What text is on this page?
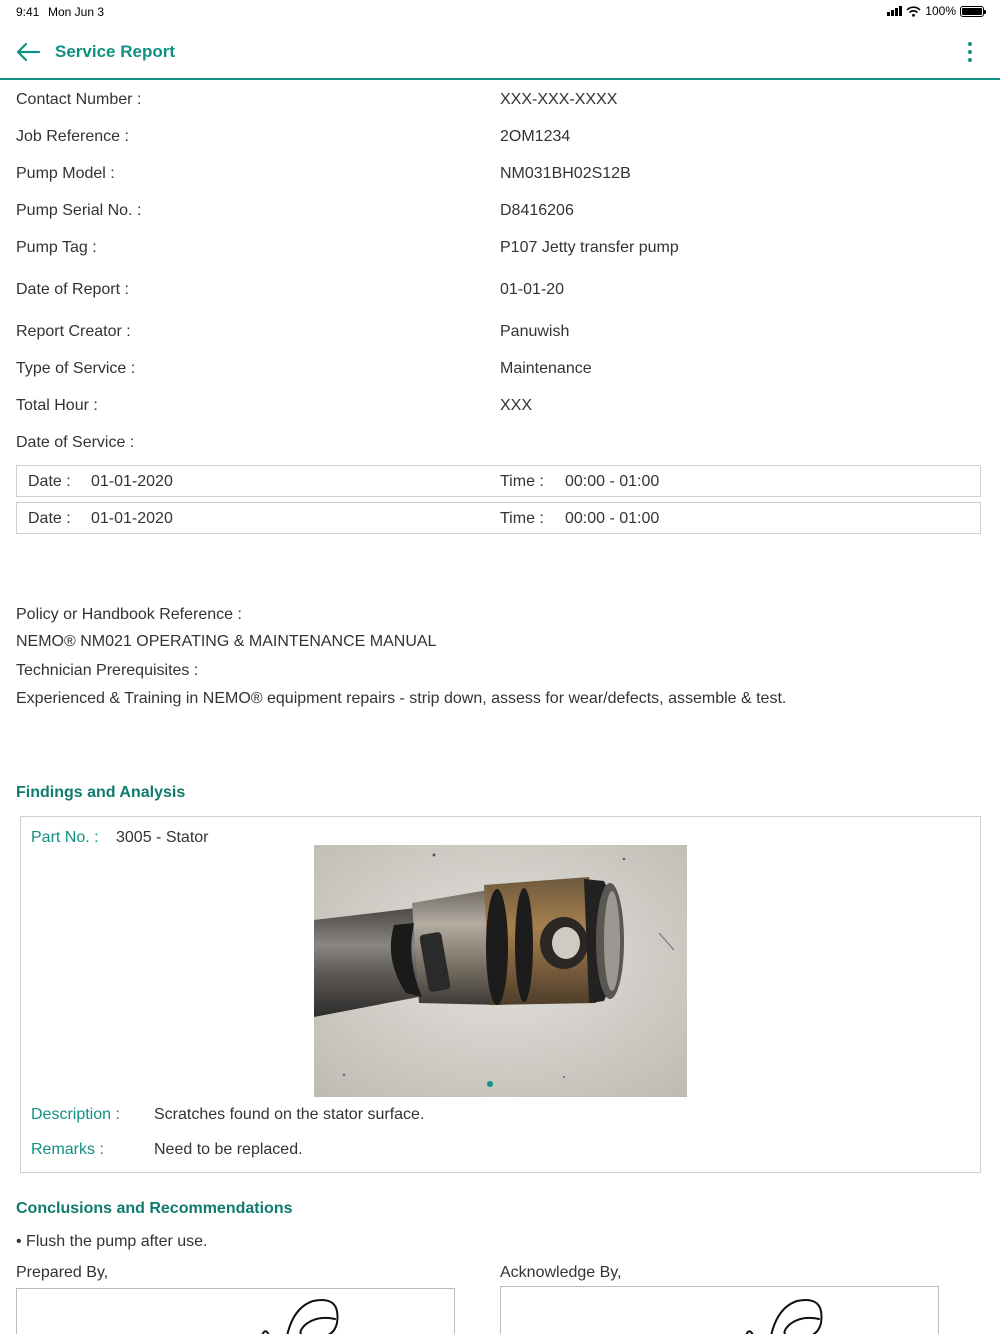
9:41 Mon Jun 3	100%
Service Report
Contact Number :	XXX-XXX-XXXX
Job Reference :	2OM1234
Pump Model :	NM031BH02S12B
Pump Serial No. :	D8416206
Pump Tag :	P107 Jetty transfer pump
Date of Report :	01-01-20
Report Creator :	Panuwish
Type of Service :	Maintenance
Total Hour :	XXX
Date of Service :
Date : 01-01-2020	Time : 00:00 - 01:00
Date : 01-01-2020	Time : 00:00 - 01:00
Policy or Handbook Reference :
NEMO® NM021 OPERATING & MAINTENANCE MANUAL
Technician Prerequisites :
Experienced & Training in NEMO® equipment repairs - strip down, assess for wear/defects, assemble & test.
Findings and Analysis
Part No. : 3005 - Stator
Description : Scratches found on the stator surface.
Remarks :	Need to be replaced.
Conclusions and Recommendations
• Flush the pump after use.
Prepared By,	Acknowledge By,
